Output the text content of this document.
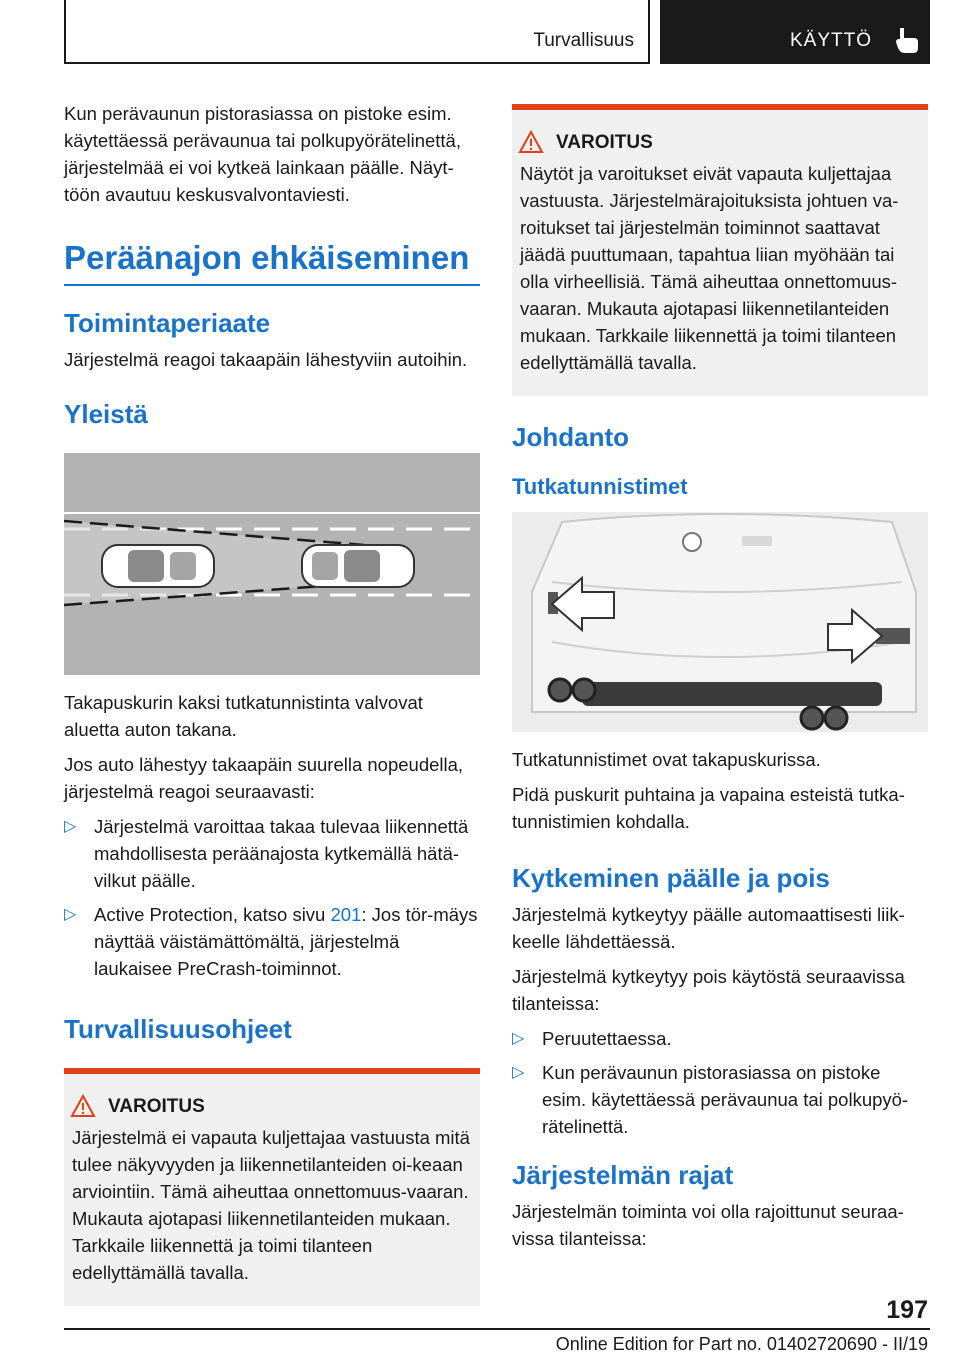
Turvallisuus	KÄYTTÖ

Kun perävaunun pistorasiassa on pistoke esim. käytettäessä perävaunua tai polkupyörätelinettä, järjestelmää ei voi kytkeä lainkaan päälle. Näyt‐töön avautuu keskusvalvontaviesti.

Peräänajon ehkäiseminen
Toimintaperiaate

Järjestelmä reagoi takaapäin lähestyviin autoihin.

Yleistä

Takapuskurin kaksi tutkatunnistinta valvovat aluetta auton takana.

Jos auto lähestyy takaapäin suurella nopeudella, järjestelmä reagoi seuraavasti:

▷ Järjestelmä varoittaa takaa tulevaa liikennettä mahdollisesta peräänajosta kytkemällä hätä‐vilkut päälle.
▷ Active Protection, katso sivu 201: Jos tör‐mäys näyttää väistämättömältä, järjestelmä laukaisee PreCrash-toiminnot.
Turvallisuusohjeet
VAROITUS

Järjestelmä ei vapauta kuljettajaa vastuusta mitä tulee näkyvyyden ja liikennetilanteiden oi‐keaan arviointiin. Tämä aiheuttaa onnettomuus‐vaaran. Mukauta ajotapasi liikennetilanteiden mukaan. Tarkkaile liikennettä ja toimi tilanteen edellyttämällä tavalla.

VAROITUS

Näytöt ja varoitukset eivät vapauta kuljettajaa vastuusta. Järjestelmärajoituksista johtuen va‐roitukset tai järjestelmän toiminnot saattavat jäädä puuttumaan, tapahtua liian myöhään tai olla virheellisiä. Tämä aiheuttaa onnettomuus‐vaaran. Mukauta ajotapasi liikennetilanteiden mukaan. Tarkkaile liikennettä ja toimi tilanteen edellyttämällä tavalla.

Johdanto
Tutkatunnistimet

Tutkatunnistimet ovat takapuskurissa.

Pidä puskurit puhtaina ja vapaina esteistä tutka‐tunnistimien kohdalla.

Kytkeminen päälle ja pois

Järjestelmä kytkeytyy päälle automaattisesti liik‐keelle lähdettäessä.

Järjestelmä kytkeytyy pois käytöstä seuraavissa tilanteissa:

▷ Peruutettaessa.
▷ Kun perävaunun pistorasiassa on pistoke esim. käytettäessä perävaunua tai polkupyö‐rätelinettä.
Järjestelmän rajat

Järjestelmän toiminta voi olla rajoittunut seuraa‐vissa tilanteissa:

197
Online Edition for Part no. 01402720690 - II/19
